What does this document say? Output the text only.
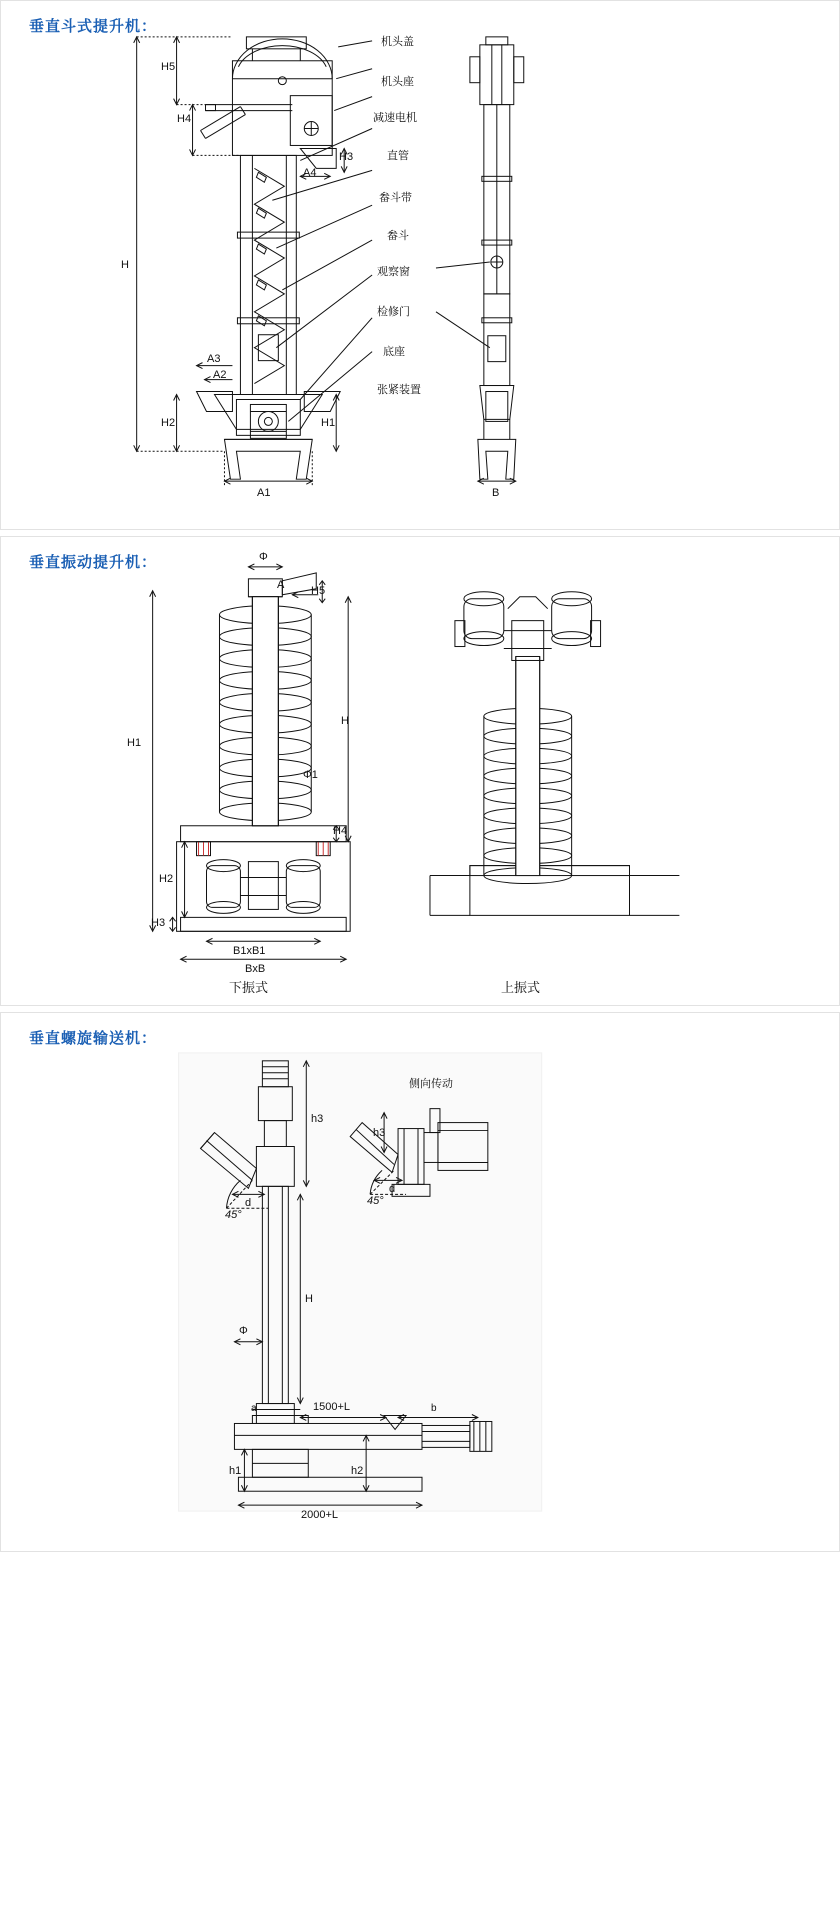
垂直斗式提升机：
机头盖
机头座
减速电机
直管
畚斗带
畚斗
观察窗
检修门
底座
张紧装置
H5
H4
H3
A4
H
A3
A2
H2	H1
A1	B
垂直振动提升机：	Φ
A H5
H1
H
Φ1
H4
H2
H3
B1xB1
BxB
下振式	上振式
垂直螺旋输送机：
h3
d
45°
H
Φ
a	b
1500+L
h1	h2
2000+L
侧向传动
h3
d
45°
